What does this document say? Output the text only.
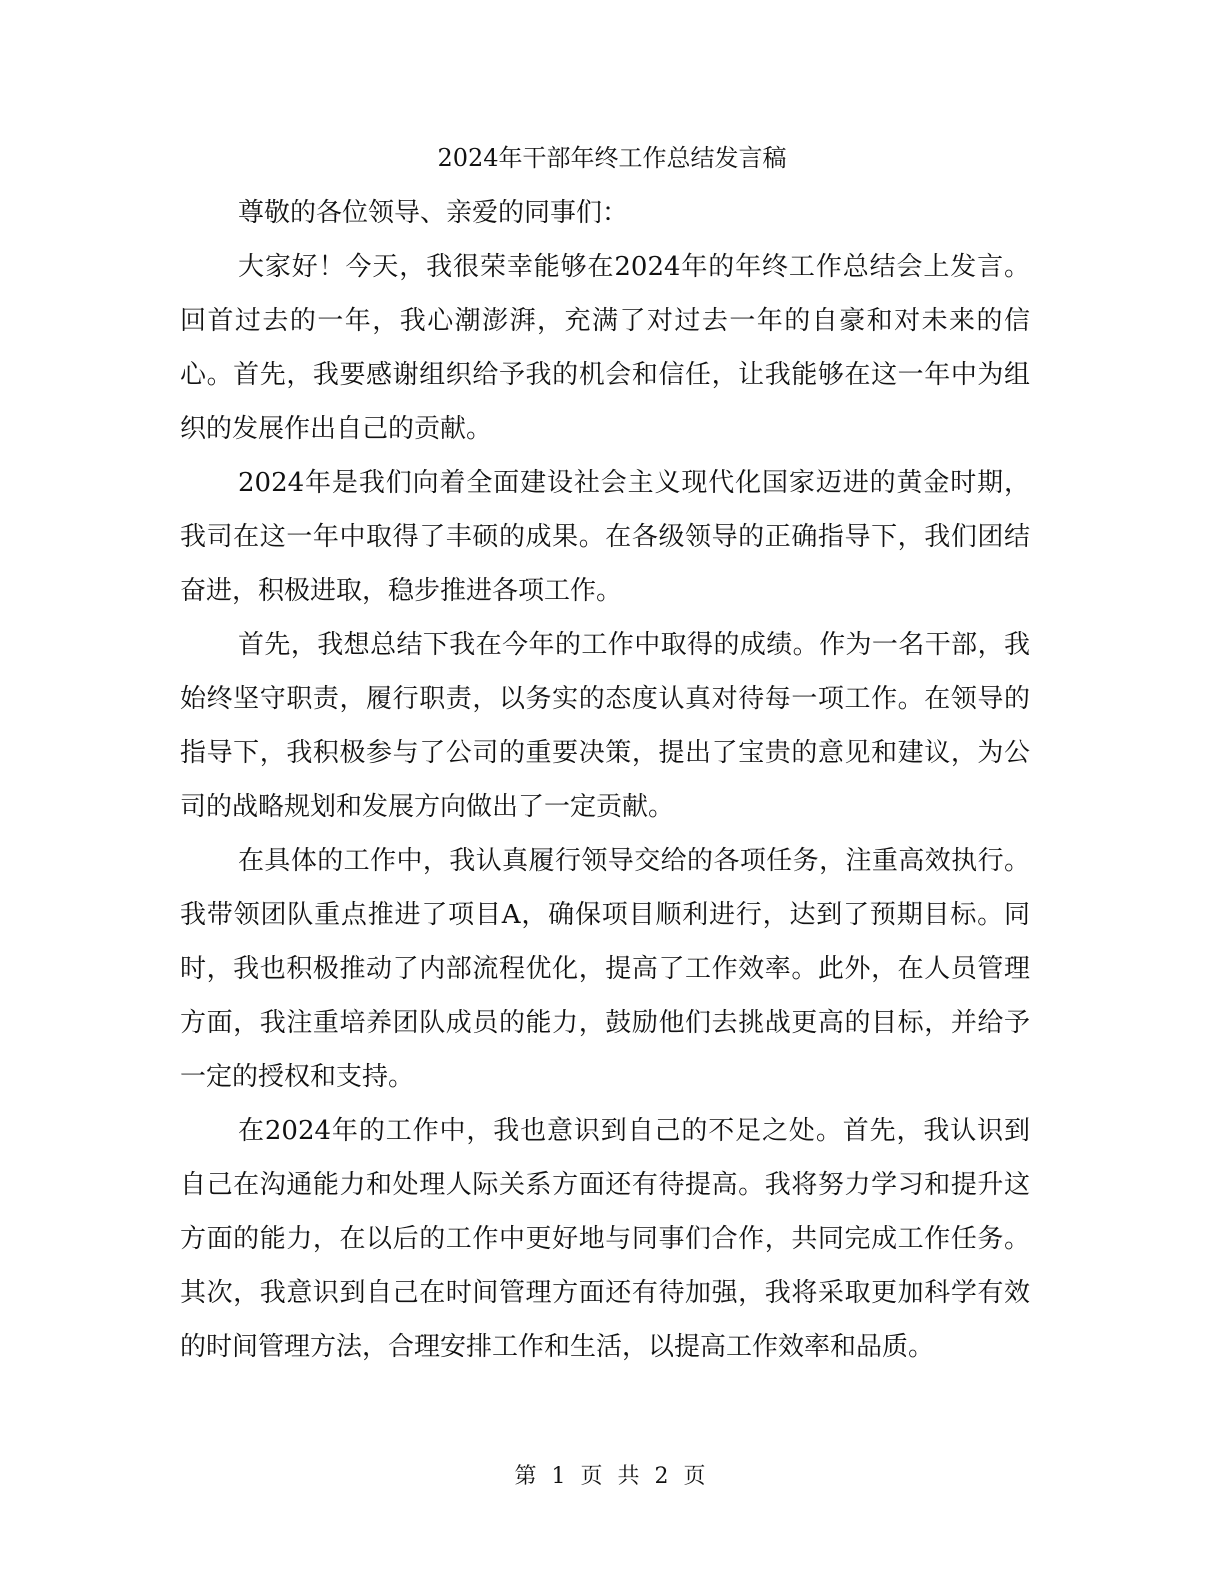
2024年干部年终工作总结发言稿

尊敬的各位领导、亲爱的同事们：

大家好！今天，我很荣幸能够在2024年的年终工作总结会上发言。回首过去的一年，我心潮澎湃，充满了对过去一年的自豪和对未来的信心。首先，我要感谢组织给予我的机会和信任，让我能够在这一年中为组织的发展作出自己的贡献。

2024年是我们向着全面建设社会主义现代化国家迈进的黄金时期，我司在这一年中取得了丰硕的成果。在各级领导的正确指导下，我们团结奋进，积极进取，稳步推进各项工作。

首先，我想总结下我在今年的工作中取得的成绩。作为一名干部，我始终坚守职责，履行职责，以务实的态度认真对待每一项工作。在领导的指导下，我积极参与了公司的重要决策，提出了宝贵的意见和建议，为公司的战略规划和发展方向做出了一定贡献。

在具体的工作中，我认真履行领导交给的各项任务，注重高效执行。我带领团队重点推进了项目A，确保项目顺利进行，达到了预期目标。同时，我也积极推动了内部流程优化，提高了工作效率。此外，在人员管理方面，我注重培养团队成员的能力，鼓励他们去挑战更高的目标，并给予一定的授权和支持。

在2024年的工作中，我也意识到自己的不足之处。首先，我认识到自己在沟通能力和处理人际关系方面还有待提高。我将努力学习和提升这方面的能力，在以后的工作中更好地与同事们合作，共同完成工作任务。其次，我意识到自己在时间管理方面还有待加强，我将采取更加科学有效的时间管理方法，合理安排工作和生活，以提高工作效率和品质。

第 1 页 共 2 页
